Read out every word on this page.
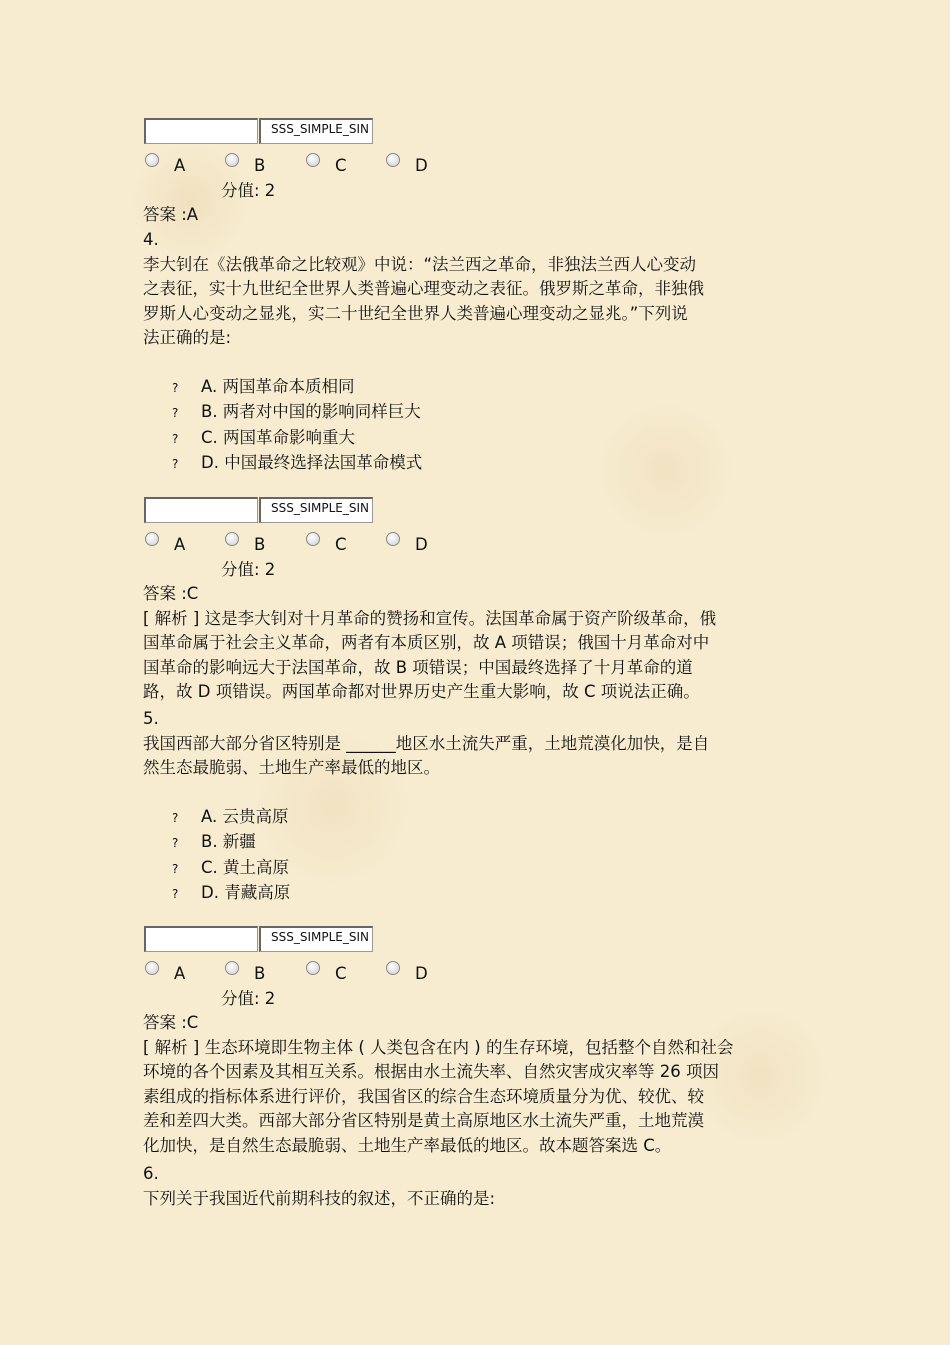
SSS_SIMPLE_SIN
A	B	C	D
分值: 2
答案 :A
4.
李大钊在《法俄革命之比较观》中说：“法兰西之革命，非独法兰西人心变动
之表征，实十九世纪全世界人类普遍心理变动之表征。俄罗斯之革命，非独俄
罗斯人心变动之显兆，实二十世纪全世界人类普遍心理变动之显兆。”下列说
法正确的是:
? A. 两国革命本质相同
? B. 两者对中国的影响同样巨大
? C. 两国革命影响重大
? D. 中国最终选择法国革命模式
SSS_SIMPLE_SIN
A	B	C	D
分值: 2
答案 :C
[ 解析 ] 这是李大钊对十月革命的赞扬和宣传。法国革命属于资产阶级革命，俄
国革命属于社会主义革命，两者有本质区别，故 A 项错误；俄国十月革命对中
国革命的影响远大于法国革命，故 B 项错误；中国最终选择了十月革命的道
路，故 D 项错误。两国革命都对世界历史产生重大影响，故 C 项说法正确。
5.
我国西部大部分省区特别是 ______地区水土流失严重，土地荒漠化加快，是自
然生态最脆弱、土地生产率最低的地区。
? A. 云贵高原
? B. 新疆
? C. 黄土高原
? D. 青藏高原
SSS_SIMPLE_SIN
A	B	C	D
分值: 2
答案 :C
[ 解析 ] 生态环境即生物主体 ( 人类包含在内 ) 的生存环境，包括整个自然和社会
环境的各个因素及其相互关系。根据由水土流失率、自然灾害成灾率等 26 项因
素组成的指标体系进行评价，我国省区的综合生态环境质量分为优、较优、较
差和差四大类。西部大部分省区特别是黄土高原地区水土流失严重，土地荒漠
化加快，是自然生态最脆弱、土地生产率最低的地区。故本题答案选 C。
6.
下列关于我国近代前期科技的叙述，不正确的是:
